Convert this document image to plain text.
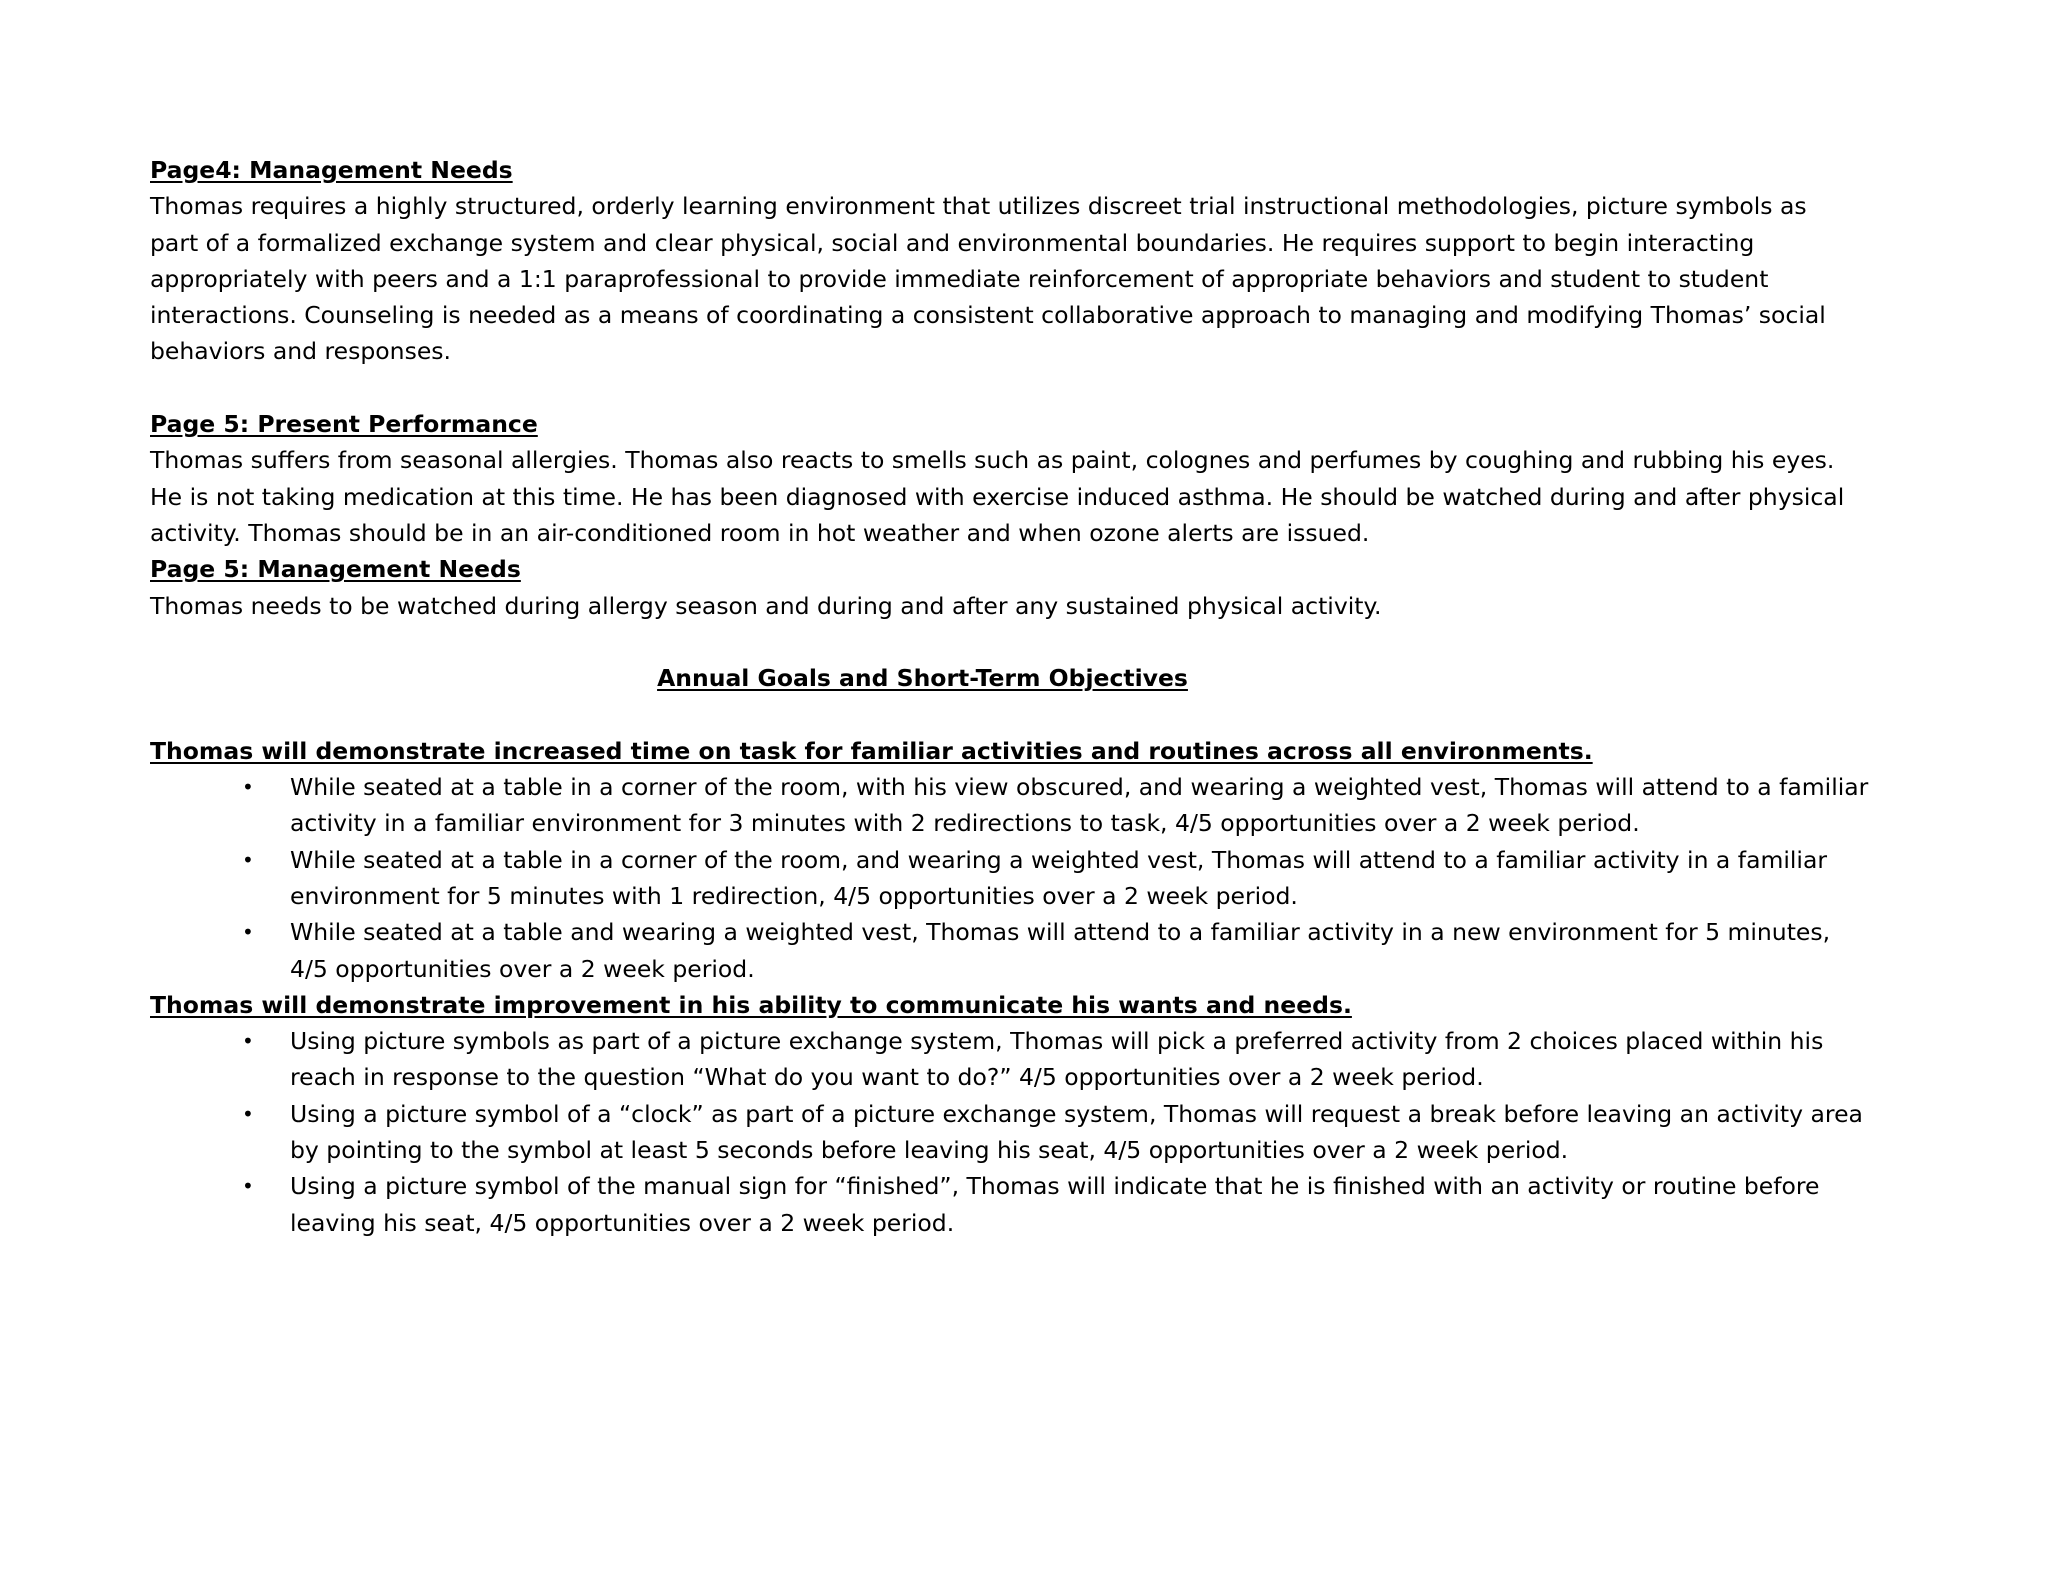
Page4: Management Needs
Thomas requires a highly structured, orderly learning environment that utilizes discreet trial instructional methodologies, picture symbols as
part of a formalized exchange system and clear physical, social and environmental boundaries. He requires support to begin interacting
appropriately with peers and a 1:1 paraprofessional to provide immediate reinforcement of appropriate behaviors and student to student
interactions. Counseling is needed as a means of coordinating a consistent collaborative approach to managing and modifying Thomas’ social
behaviors and responses.
Page 5: Present Performance
Thomas suffers from seasonal allergies. Thomas also reacts to smells such as paint, colognes and perfumes by coughing and rubbing his eyes.
He is not taking medication at this time. He has been diagnosed with exercise induced asthma. He should be watched during and after physical
activity. Thomas should be in an air-conditioned room in hot weather and when ozone alerts are issued.
Page 5: Management Needs
Thomas needs to be watched during allergy season and during and after any sustained physical activity.
Annual Goals and Short-Term Objectives
Thomas will demonstrate increased time on task for familiar activities and routines across all environments.
• While seated at a table in a corner of the room, with his view obscured, and wearing a weighted vest, Thomas will attend to a familiar
activity in a familiar environment for 3 minutes with 2 redirections to task, 4/5 opportunities over a 2 week period.
• While seated at a table in a corner of the room, and wearing a weighted vest, Thomas will attend to a familiar activity in a familiar
environment for 5 minutes with 1 redirection, 4/5 opportunities over a 2 week period.
• While seated at a table and wearing a weighted vest, Thomas will attend to a familiar activity in a new environment for 5 minutes,
4/5 opportunities over a 2 week period.
Thomas will demonstrate improvement in his ability to communicate his wants and needs.
• Using picture symbols as part of a picture exchange system, Thomas will pick a preferred activity from 2 choices placed within his
reach in response to the question “What do you want to do?” 4/5 opportunities over a 2 week period.
• Using a picture symbol of a “clock” as part of a picture exchange system, Thomas will request a break before leaving an activity area
by pointing to the symbol at least 5 seconds before leaving his seat, 4/5 opportunities over a 2 week period.
• Using a picture symbol of the manual sign for “finished”, Thomas will indicate that he is finished with an activity or routine before
leaving his seat, 4/5 opportunities over a 2 week period.
